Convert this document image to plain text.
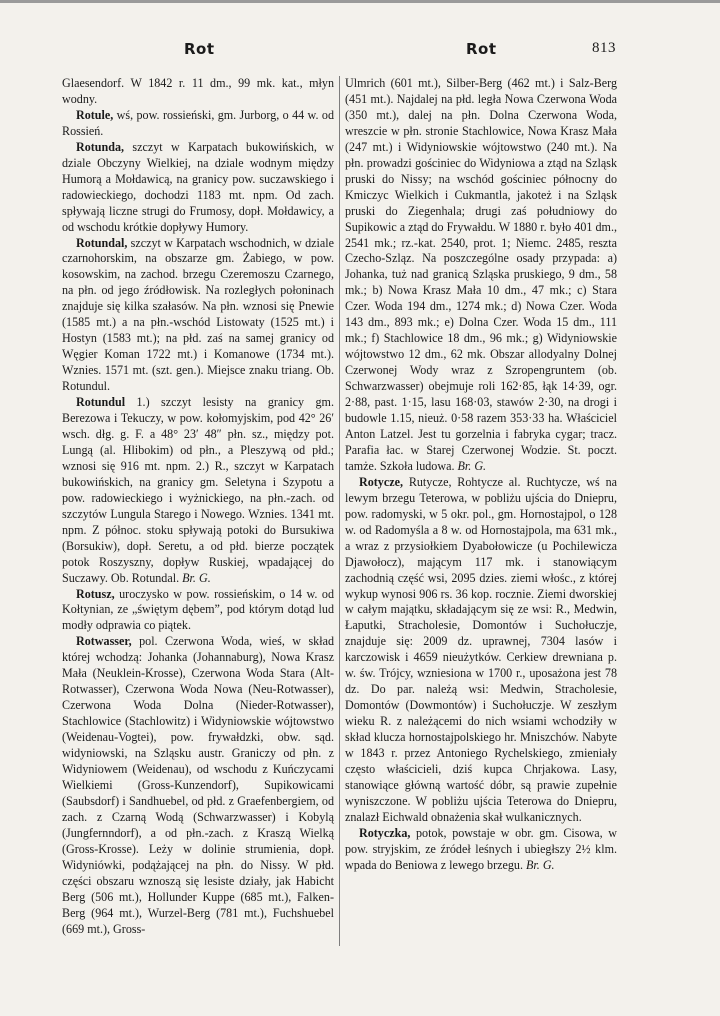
Rot	Rot	813

Glaesendorf. W 1842 r. 11 dm., 99 mk. kat., młyn wodny.

Rotule, wś, pow. rossieński, gm. Jurborg, o 44 w. od Rossień.

Rotunda, szczyt w Karpatach bukowińskich, w dziale Obczyny Wielkiej, na dziale wodnym między Humorą a Mołdawicą, na granicy pow. suczawskiego i radowieckiego, dochodzi 1183 mt. npm. Od zach. spływają liczne strugi do Frumosy, dopł. Mołdawicy, a od wschodu krótkie dopływy Humory.

Rotundal, szczyt w Karpatach wschodnich, w dziale czarnohorskim, na obszarze gm. Żabiego, w pow. kosowskim, na zachod. brzegu Czeremoszu Czarnego, na płn. od jego źródłowisk. Na rozległych połoninach znajduje się kilka szałasów. Na płn. wznosi się Pnewie (1585 mt.) a na płn.-wschód Listowaty (1525 mt.) i Hostyn (1583 mt.); na płd. zaś na samej granicy od Węgier Koman 1722 mt.) i Komanowe (1734 mt.). Wznies. 1571 mt. (szt. gen.). Miejsce znaku triang. Ob. Rotundul.

Rotundul 1.) szczyt lesisty na granicy gm. Berezowa i Tekuczy, w pow. kołomyjskim, pod 42° 26′ wsch. dłg. g. F. a 48° 23′ 48″ płn. sz., między pot. Lungą (al. Hlibokim) od płn., a Pleszywą od płd.; wznosi się 916 mt. npm. 2.) R., szczyt w Karpatach bukowińskich, na granicy gm. Seletyna i Szypotu a pow. radowieckiego i wyżnickiego, na płn.-zach. od szczytów Lungula Starego i Nowego. Wznies. 1341 mt. npm. Z północ. stoku spływają potoki do Bursukiwa (Borsukiw), dopł. Seretu, a od płd. bierze początek potok Roszyszny, dopływ Ruskiej, wpadającej do Suczawy. Ob. Rotundal. Br. G.

Rotusz, uroczysko w pow. rossieńskim, o 14 w. od Kołtynian, ze „świętym dębem”, pod którym dotąd lud modły odprawia co piątek.

Rotwasser, pol. Czerwona Woda, wieś, w skład której wchodzą: Johanka (Johannaburg), Nowa Krasz Mała (Neuklein-Krosse), Czerwona Woda Stara (Alt-Rotwasser), Czerwona Woda Nowa (Neu-Rotwasser), Czerwona Woda Dolna (Nieder-Rotwasser), Stachlowice (Stachlowitz) i Widyniowskie wójtowstwo (Weidenau-Vogtei), pow. frywałdzki, obw. sąd. widyniowski, na Szląsku austr. Graniczy od płn. z Widyniowem (Weidenau), od wschodu z Kuńczycami Wielkiemi (Gross-Kunzendorf), Supikowicami (Saubsdorf) i Sandhuebel, od płd. z Graefenbergiem, od zach. z Czarną Wodą (Schwarzwasser) i Kobylą (Jungfernndorf), a od płn.-zach. z Kraszą Wielką (Gross-Krosse). Leży w dolinie strumienia, dopł. Widyniówki, podążającej na płn. do Nissy. W płd. części obszaru wznoszą się lesiste działy, jak Habicht Berg (506 mt.), Hollunder Kuppe (685 mt.), Falken-Berg (964 mt.), Wurzel-Berg (781 mt.), Fuchshuebel (669 mt.), Gross-

Ulmrich (601 mt.), Silber-Berg (462 mt.) i Salz-Berg (451 mt.). Najdalej na płd. legła Nowa Czerwona Woda (350 mt.), dalej na płn. Dolna Czerwona Woda, wreszcie w płn. stronie Stachlowice, Nowa Krasz Mała (247 mt.) i Widyniowskie wójtowstwo (240 mt.). Na płn. prowadzi gościniec do Widyniowa a ztąd na Szląsk pruski do Nissy; na wschód gościniec północny do Kmiczyc Wielkich i Cukmantla, jakoteż i na Szląsk pruski do Ziegenhala; drugi zaś południowy do Supikowic a ztąd do Frywałdu. W 1880 r. było 401 dm., 2541 mk.; rz.-kat. 2540, prot. 1; Niemc. 2485, reszta Czecho-Szląz. Na poszczególne osady przypada: a) Johanka, tuż nad granicą Szląska pruskiego, 9 dm., 58 mk.; b) Nowa Krasz Mała 10 dm., 47 mk.; c) Stara Czer. Woda 194 dm., 1274 mk.; d) Nowa Czer. Woda 143 dm., 893 mk.; e) Dolna Czer. Woda 15 dm., 111 mk.; f) Stachlowice 18 dm., 96 mk.; g) Widyniowskie wójtowstwo 12 dm., 62 mk. Obszar allodyalny Dolnej Czerwonej Wody wraz z Szropengruntem (ob. Schwarzwasser) obejmuje roli 162·85, łąk 14·39, ogr. 2·88, past. 1·15, lasu 168·03, stawów 2·30, na drogi i budowle 1.15, nieuż. 0·58 razem 353·33 ha. Właściciel Anton Latzel. Jest tu gorzelnia i fabryka cygar; tracz. Parafia łac. w Starej Czerwonej Wodzie. St. poczt. tamże. Szkoła ludowa. Br. G.

Rotycze, Rutycze, Rohtycze al. Ruchtycze, wś na lewym brzegu Teterowa, w pobliżu ujścia do Dniepru, pow. radomyski, w 5 okr. pol., gm. Hornostajpol, o 128 w. od Radomyśla a 8 w. od Hornostajpola, ma 631 mk., a wraz z przysiołkiem Dyabołowicze (u Pochilewicza Djawołocz), mającym 117 mk. i stanowiącym zachodnią część wsi, 2095 dzies. ziemi włośc., z której wykup wynosi 906 rs. 36 kop. rocznie. Ziemi dworskiej w całym majątku, składającym się ze wsi: R., Medwin, Łaputki, Stracholesie, Domontów i Suchołuczje, znajduje się: 2009 dz. uprawnej, 7304 lasów i karczowisk i 4659 nieużytków. Cerkiew drewniana p. w. św. Trójcy, wzniesiona w 1700 r., uposażona jest 78 dz. Do par. należą wsi: Medwin, Stracholesie, Domontów (Dowmontów) i Suchołuczje. W zeszłym wieku R. z należącemi do nich wsiami wchodziły w skład klucza hornostajpolskiego hr. Mniszchów. Nabyte w 1843 r. przez Antoniego Rychelskiego, zmieniały często właścicieli, dziś kupca Chrjakowa. Lasy, stanowiące główną wartość dóbr, są prawie zupełnie wyniszczone. W pobliżu ujścia Teterowa do Dniepru, znalazł Eichwald obnażenia skał wulkanicznych.

Rotyczka, potok, powstaje w obr. gm. Cisowa, w pow. stryjskim, ze źródeł leśnych i ubiegłszy 2½ klm. wpada do Beniowa z lewego brzegu. Br. G.
